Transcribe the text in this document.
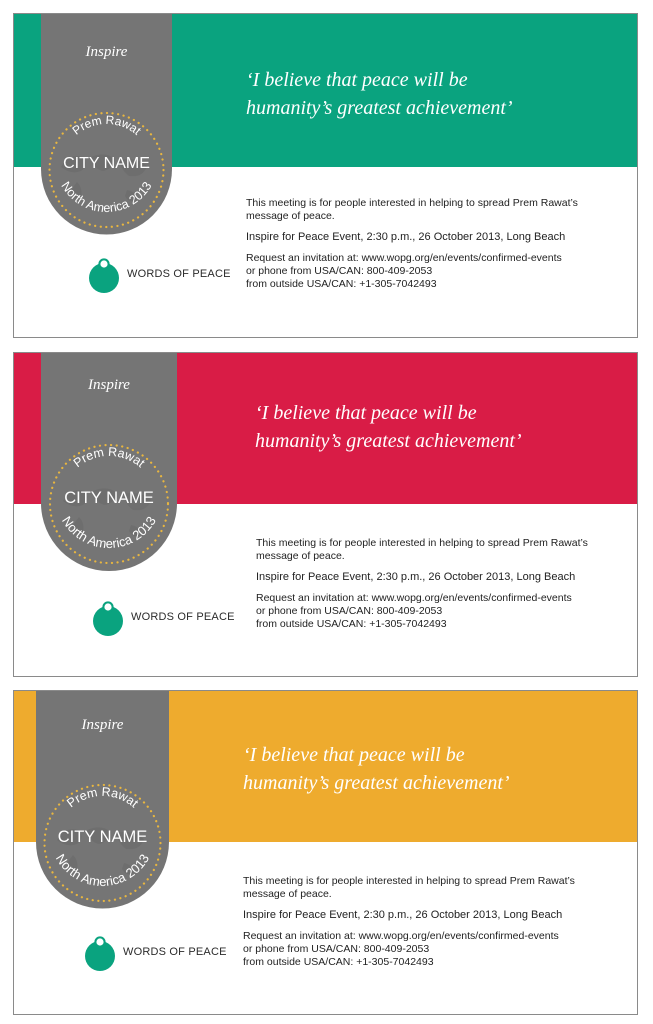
Inspire
Prem Rawat
North America 2013
CITY NAME
‘I believe that peace will be
humanity’s greatest achievement’
This meeting is for people interested in helping to spread Prem Rawat’s
message of peace.
Inspire for Peace Event, 2:30 p.m., 26 October 2013, Long Beach
Request an invitation at: www.wopg.org/en/events/confirmed-events
or phone from USA/CAN: 800-409-2053
from outside USA/CAN: +1-305-7042493
WORDS OF PEACE
Inspire
Prem Rawat
North America 2013
CITY NAME
‘I believe that peace will be
humanity’s greatest achievement’
This meeting is for people interested in helping to spread Prem Rawat’s
message of peace.
Inspire for Peace Event, 2:30 p.m., 26 October 2013, Long Beach
Request an invitation at: www.wopg.org/en/events/confirmed-events
or phone from USA/CAN: 800-409-2053
from outside USA/CAN: +1-305-7042493
WORDS OF PEACE
Inspire
Prem Rawat
North America 2013
CITY NAME
‘I believe that peace will be
humanity’s greatest achievement’
This meeting is for people interested in helping to spread Prem Rawat’s
message of peace.
Inspire for Peace Event, 2:30 p.m., 26 October 2013, Long Beach
Request an invitation at: www.wopg.org/en/events/confirmed-events
or phone from USA/CAN: 800-409-2053
from outside USA/CAN: +1-305-7042493
WORDS OF PEACE
